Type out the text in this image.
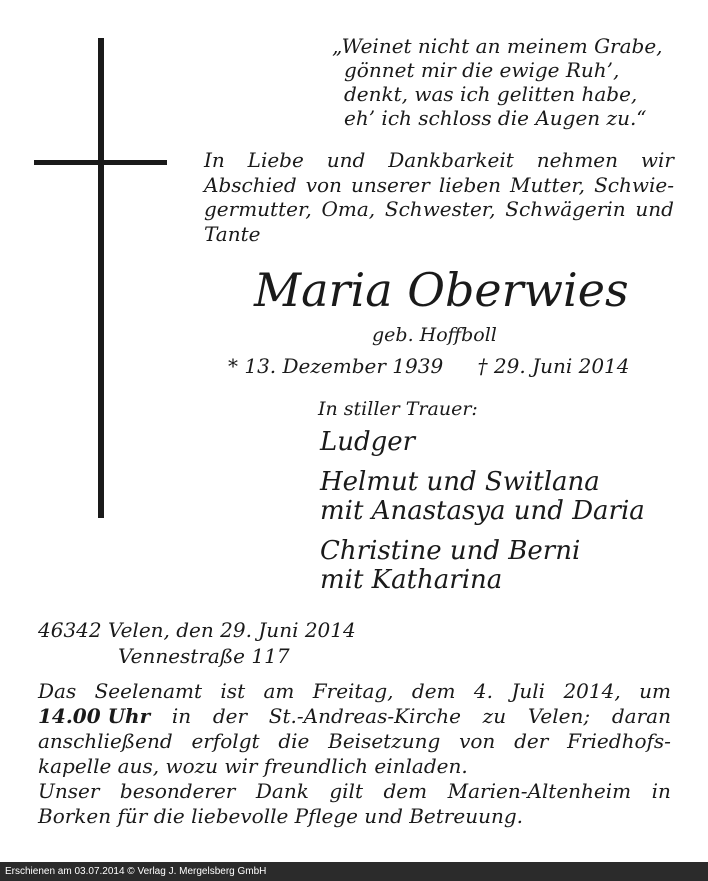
„Weinet nicht an meinem Grabe,
gönnet mir die ewige Ruh’,
denkt, was ich gelitten habe,
eh’ ich schloss die Augen zu.“
In Liebe und Dankbarkeit nehmen wir
Abschied von unserer lieben Mutter, Schwie-
germutter, Oma, Schwester, Schwägerin und
Tante
Maria Oberwies
geb. Hoffboll
* 13. Dezember 1939 † 29. Juni 2014
In stiller Trauer:
Ludger
Helmut und Switlana
mit Anastasya und Daria
Christine und Berni
mit Katharina
46342 Velen, den 29. Juni 2014
Vennestraße 117
Das Seelenamt ist am Freitag, dem 4. Juli 2014, um
14.00 Uhr in der St.-Andreas-Kirche zu Velen; daran
anschließend erfolgt die Beisetzung von der Friedhofs-
kapelle aus, wozu wir freundlich einladen.
Unser besonderer Dank gilt dem Marien-Altenheim in
Borken für die liebevolle Pflege und Betreuung.
Erschienen am 03.07.2014 © Verlag J. Mergelsberg GmbH
